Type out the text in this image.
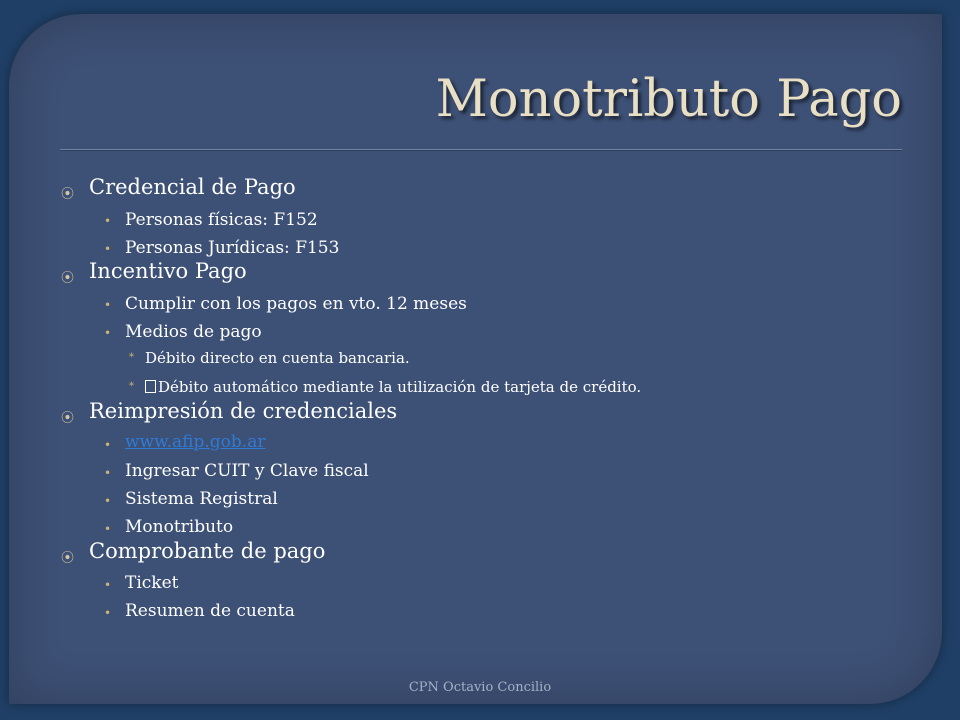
Monotributo Pago
⦿ Credencial de Pago
• Personas físicas: F152
• Personas Jurídicas: F153
⦿ Incentivo Pago
• Cumplir con los pagos en vto. 12 meses
• Medios de pago
* Débito directo en cuenta bancaria.
*	Débito automático mediante la utilización de tarjeta de crédito.
⦿ Reimpresión de credenciales
• www.afip.gob.ar
• Ingresar CUIT y Clave fiscal
• Sistema Registral
• Monotributo
⦿ Comprobante de pago
• Ticket
• Resumen de cuenta
CPN Octavio Concilio
